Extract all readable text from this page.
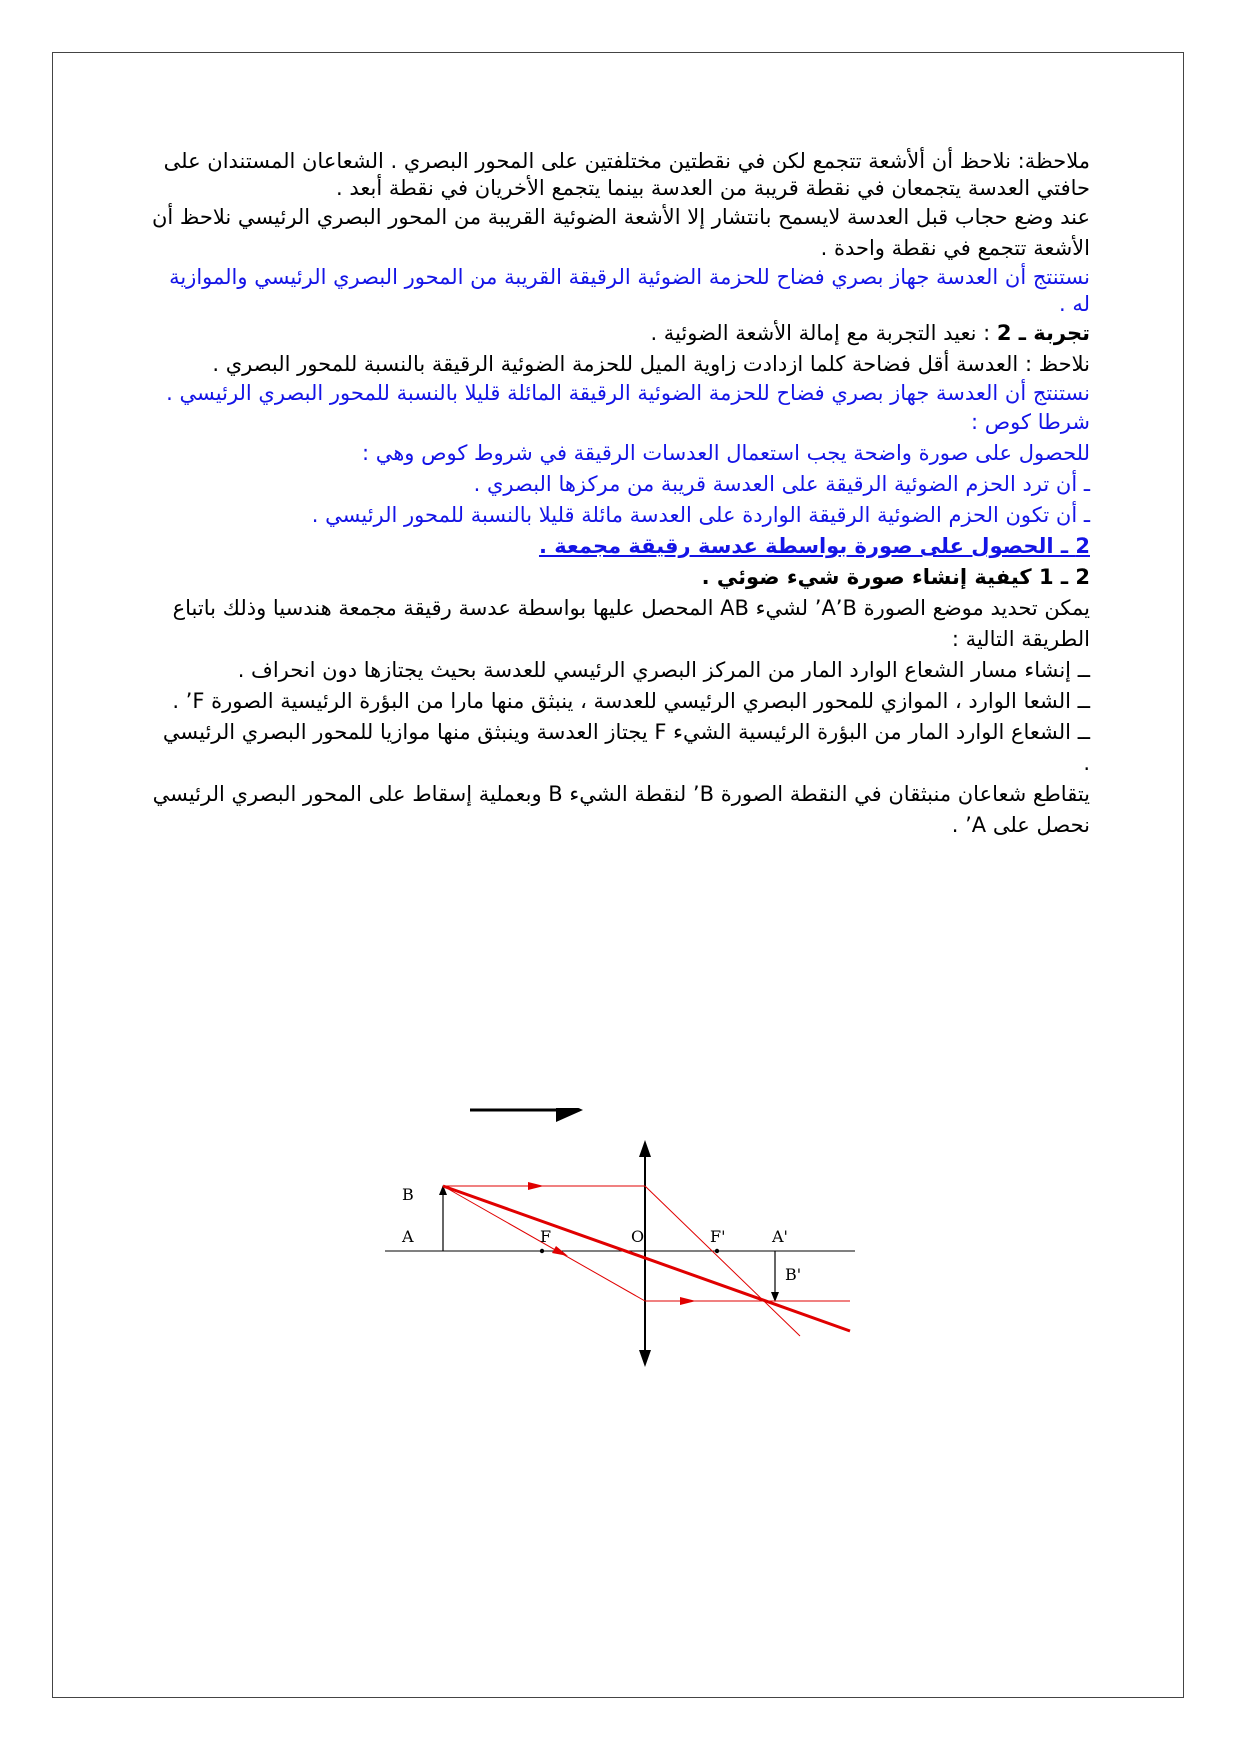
ملاحظة: نلاحظ أن ألأشعة تتجمع لكن في نقطتين مختلفتين على المحور البصري . الشعاعان المستندان على حافتي العدسة يتجمعان في نقطة قريبة من العدسة بينما يتجمع الأخريان في نقطة أبعد .

عند وضع حجاب قبل العدسة لايسمح بانتشار إلا الأشعة الضوئية القريبة من المحور البصري الرئيسي نلاحظ أن الأشعة تتجمع في نقطة واحدة .

نستنتج أن العدسة جهاز بصري فضاح للحزمة الضوئية الرقيقة القريبة من المحور البصري الرئيسي والموازية له .

تجربة ـ 2 : نعيد التجربة مع إمالة الأشعة الضوئية .

نلاحظ : العدسة أقل فضاحة كلما ازدادت زاوية الميل للحزمة الضوئية الرقيقة بالنسبة للمحور البصري .

نستنتج أن العدسة جهاز بصري فضاح للحزمة الضوئية الرقيقة المائلة قليلا بالنسبة للمحور البصري الرئيسي .

شرطا كوص :

للحصول على صورة واضحة يجب استعمال العدسات الرقيقة في شروط كوص وهي :

ـ أن ترد الحزم الضوئية الرقيقة على العدسة قريبة من مركزها البصري .

ـ أن تكون الحزم الضوئية الرقيقة الواردة على العدسة مائلة قليلا بالنسبة للمحور الرئيسي .

2 ـ الحصول على صورة بواسطة عدسة رقيقة مجمعة .

2 ـ 1 كيفية إنشاء صورة شيء ضوئي .

يمكن تحديد موضع الصورة A’B’ لشيء AB المحصل عليها بواسطة عدسة رقيقة مجمعة هندسيا وذلك باتباع الطريقة التالية :

ــ إنشاء مسار الشعاع الوارد المار من المركز البصري الرئيسي للعدسة بحيث يجتازها دون انحراف .

ــ الشعا الوارد ، الموازي للمحور البصري الرئيسي للعدسة ، ينبثق منها مارا من البؤرة الرئيسية الصورة F’ .

ــ الشعاع الوارد المار من البؤرة الرئيسية الشيء F يجتاز العدسة وينبثق منها موازيا للمحور البصري الرئيسي .

يتقاطع شعاعان منبثقان في النقطة الصورة B’ لنقطة الشيء B وبعملية إسقاط على المحور البصري الرئيسي نحصل على A’ .

B
A	F	O	F'	A'
B'
